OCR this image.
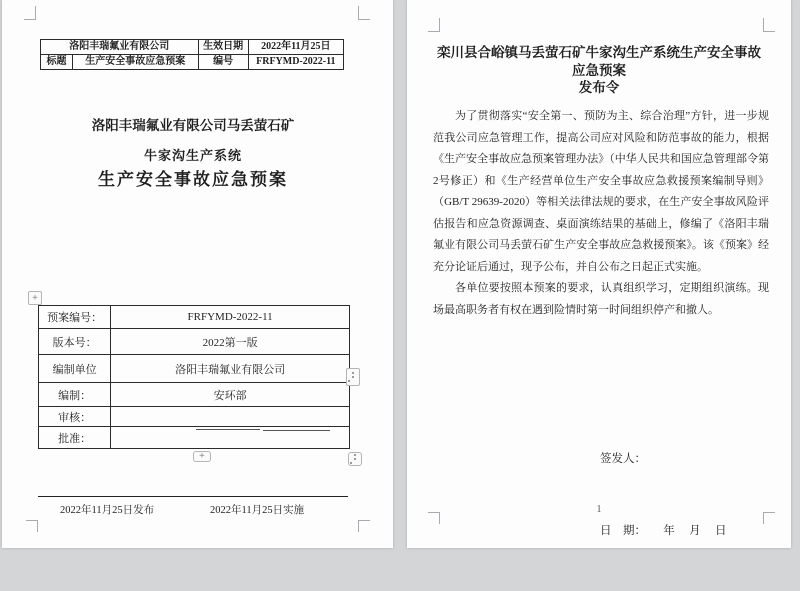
洛阳丰瑞氟业有限公司		生效日期	2022年11月25日
标题	生产安全事故应急预案	编号	FRFYMD-2022-11
洛阳丰瑞氟业有限公司马丢萤石矿
牛家沟生产系统
生产安全事故应急预案
+
预案编号：	FRFYMD-2022-11
版本号：	2022第一版
编制单位	洛阳丰瑞氟业有限公司
编制：	安环部
审核：	
批准：	
+
2022年11月25日发布	2022年11月25日实施
栾川县合峪镇马丢萤石矿牛家沟生产系统生产安全事故
应急预案
发布令

为了贯彻落实“安全第一、预防为主、综合治理”方针，进一步规范我公司应急管理工作，提高公司应对风险和防范事故的能力，根据《生产安全事故应急预案管理办法》（中华人民共和国应急管理部令第2号修正）和《生产经营单位生产安全事故应急救援预案编制导则》（GB/T 29639-2020）等相关法律法规的要求，在生产安全事故风险评估报告和应急资源调查、桌面演练结果的基础上，修编了《洛阳丰瑞氟业有限公司马丢萤石矿生产安全事故应急救援预案》。该《预案》经充分论证后通过，现予公布，并自公布之日起正式实施。

各单位要按照本预案的要求，认真组织学习，定期组织演练。现场最高职务者有权在遇到险情时第一时间组织停产和撤人。

签发人：

日　期：　　年　 月　 日

1
